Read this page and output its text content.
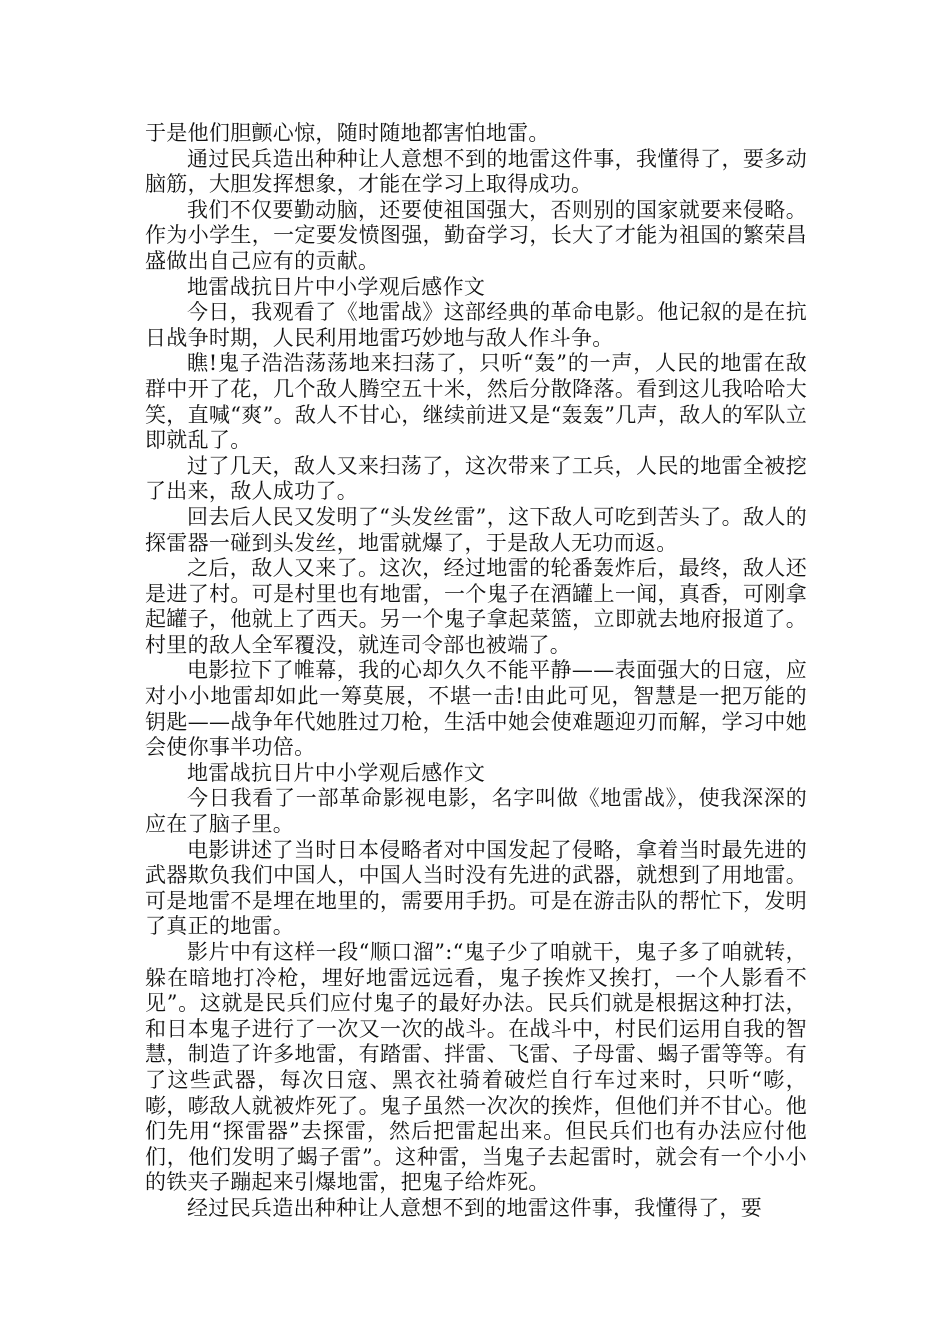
于是他们胆颤心惊，随时随地都害怕地雷。

通过民兵造出种种让人意想不到的地雷这件事，我懂得了，要多动脑筋，大胆发挥想象，才能在学习上取得成功。

我们不仅要勤动脑，还要使祖国强大，否则别的国家就要来侵略。作为小学生，一定要发愤图强，勤奋学习，长大了才能为祖国的繁荣昌盛做出自己应有的贡献。

地雷战抗日片中小学观后感作文

今日，我观看了《地雷战》这部经典的革命电影。他记叙的是在抗日战争时期，人民利用地雷巧妙地与敌人作斗争。

瞧!鬼子浩浩荡荡地来扫荡了，只听“轰”的一声，人民的地雷在敌群中开了花，几个敌人腾空五十米，然后分散降落。看到这儿我哈哈大笑，直喊“爽”。敌人不甘心，继续前进又是“轰轰”几声，敌人的军队立即就乱了。

过了几天，敌人又来扫荡了，这次带来了工兵，人民的地雷全被挖了出来，敌人成功了。

回去后人民又发明了“头发丝雷”，这下敌人可吃到苦头了。敌人的探雷器一碰到头发丝，地雷就爆了，于是敌人无功而返。

之后，敌人又来了。这次，经过地雷的轮番轰炸后，最终，敌人还是进了村。可是村里也有地雷，一个鬼子在酒罐上一闻，真香，可刚拿起罐子，他就上了西天。另一个鬼子拿起菜篮，立即就去地府报道了。村里的敌人全军覆没，就连司令部也被端了。

电影拉下了帷幕，我的心却久久不能平静——表面强大的日寇，应对小小地雷却如此一筹莫展，不堪一击!由此可见，智慧是一把万能的钥匙——战争年代她胜过刀枪，生活中她会使难题迎刃而解，学习中她会使你事半功倍。

地雷战抗日片中小学观后感作文

今日我看了一部革命影视电影，名字叫做《地雷战》，使我深深的应在了脑子里。

电影讲述了当时日本侵略者对中国发起了侵略，拿着当时最先进的武器欺负我们中国人，中国人当时没有先进的武器，就想到了用地雷。可是地雷不是埋在地里的，需要用手扔。可是在游击队的帮忙下，发明了真正的地雷。

影片中有这样一段“顺口溜”:“鬼子少了咱就干，鬼子多了咱就转，躲在暗地打冷枪，埋好地雷远远看，鬼子挨炸又挨打，一个人影看不见”。这就是民兵们应付鬼子的最好办法。民兵们就是根据这种打法，和日本鬼子进行了一次又一次的战斗。在战斗中，村民们运用自我的智慧，制造了许多地雷，有踏雷、拌雷、飞雷、子母雷、蝎子雷等等。有了这些武器，每次日寇、黑衣社骑着破烂自行车过来时，只听“嘭，嘭，嘭敌人就被炸死了。鬼子虽然一次次的挨炸，但他们并不甘心。他们先用“探雷器”去探雷，然后把雷起出来。但民兵们也有办法应付他们，他们发明了蝎子雷”。这种雷，当鬼子去起雷时，就会有一个小小的铁夹子蹦起来引爆地雷，把鬼子给炸死。

经过民兵造出种种让人意想不到的地雷这件事，我懂得了，要
